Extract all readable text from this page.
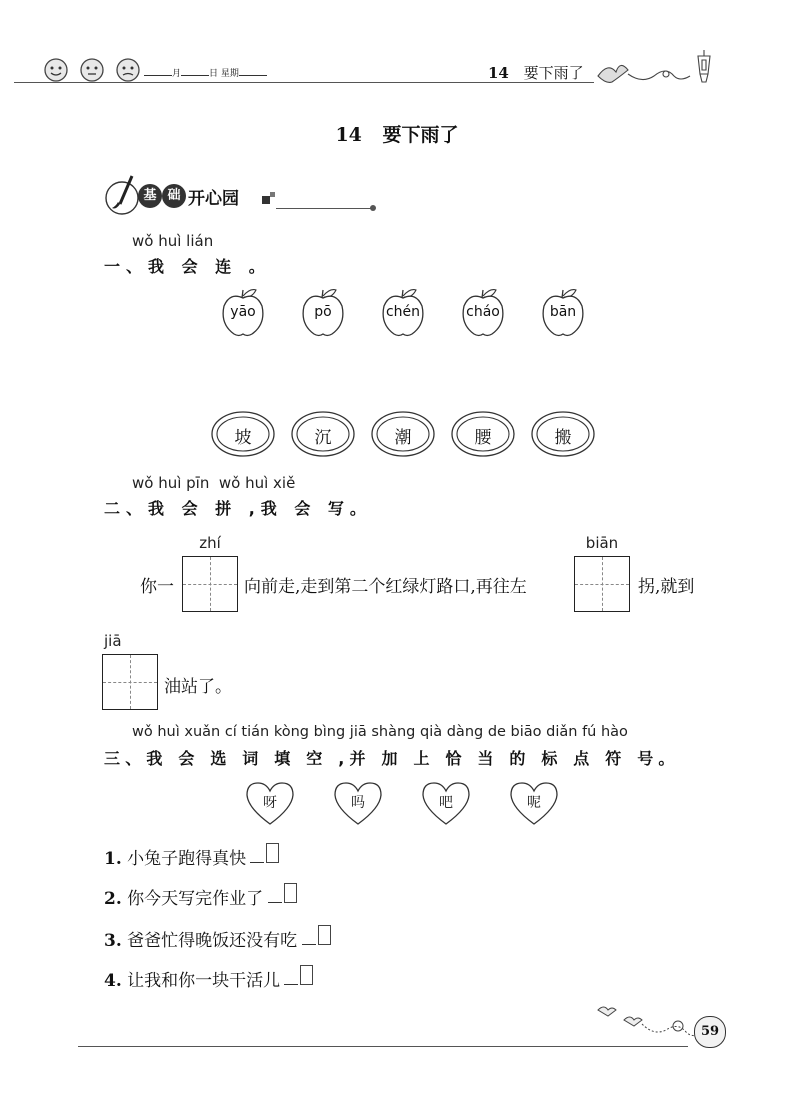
月	日 星期	14 要下雨了
14 要下雨了
基 础 开心园
wǒ huì lián
一、我 会 连 。
yāo	pō	chén	cháo	bān
坡	沉	潮	腰	搬
wǒ huì pīn  wǒ huì xiě
二、我 会 拼 ,我 会 写。
zhí	biān
你一	向前走,走到第二个红绿灯路口,再往左	拐,就到
jiā
油站了。
wǒ huì xuǎn cí tián kòng bìng jiā shàng qià dàng de biāo diǎn fú hào
三、我 会 选 词 填 空 ,并 加 上 恰 当 的 标 点 符 号。
呀	吗	吧	呢
1. 小兔子跑得真快
2. 你今天写完作业了
3. 爸爸忙得晚饭还没有吃
4. 让我和你一块干活儿
59
